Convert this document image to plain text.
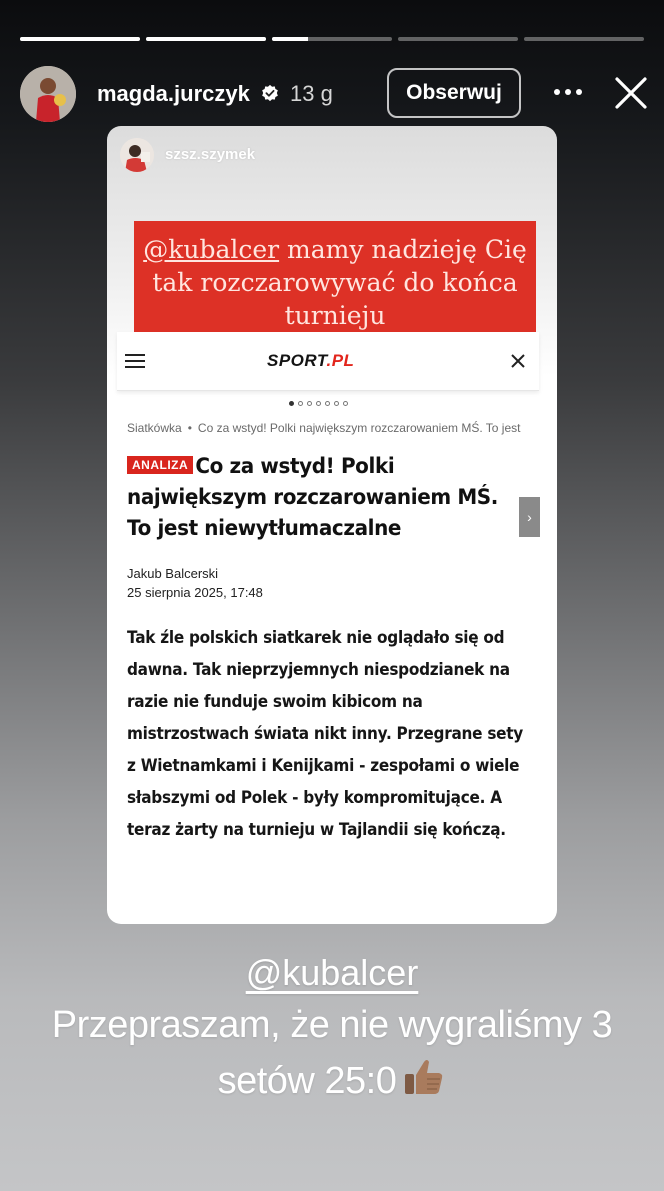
magda.jurczyk 13 g	Obserwuj
szsz.szymek
@kubalcer mamy nadzieję Cię
tak rozczarowywać do końca
turnieju
SPORT.PL
Siatkówka • Co za wstyd! Polki największym rozczarowaniem MŚ. To jest
Co za wstyd! Polki największym rozczarowaniem MŚ. To jest niewytłumaczalne
ANALIZA
›
Jakub Balcerski
25 sierpnia 2025, 17:48
Tak źle polskich siatkarek nie oglądało się od dawna. Tak nieprzyjemnych niespodzianek na razie nie funduje swoim kibicom na mistrzostwach świata nikt inny. Przegrane sety z Wietnamkami i Kenijkami - zespołami o wiele słabszymi od Polek - były kompromitujące. A teraz żarty na turnieju w Tajlandii się kończą.
@kubalcer
Przepraszam, że nie wygraliśmy 3
setów 25:0
